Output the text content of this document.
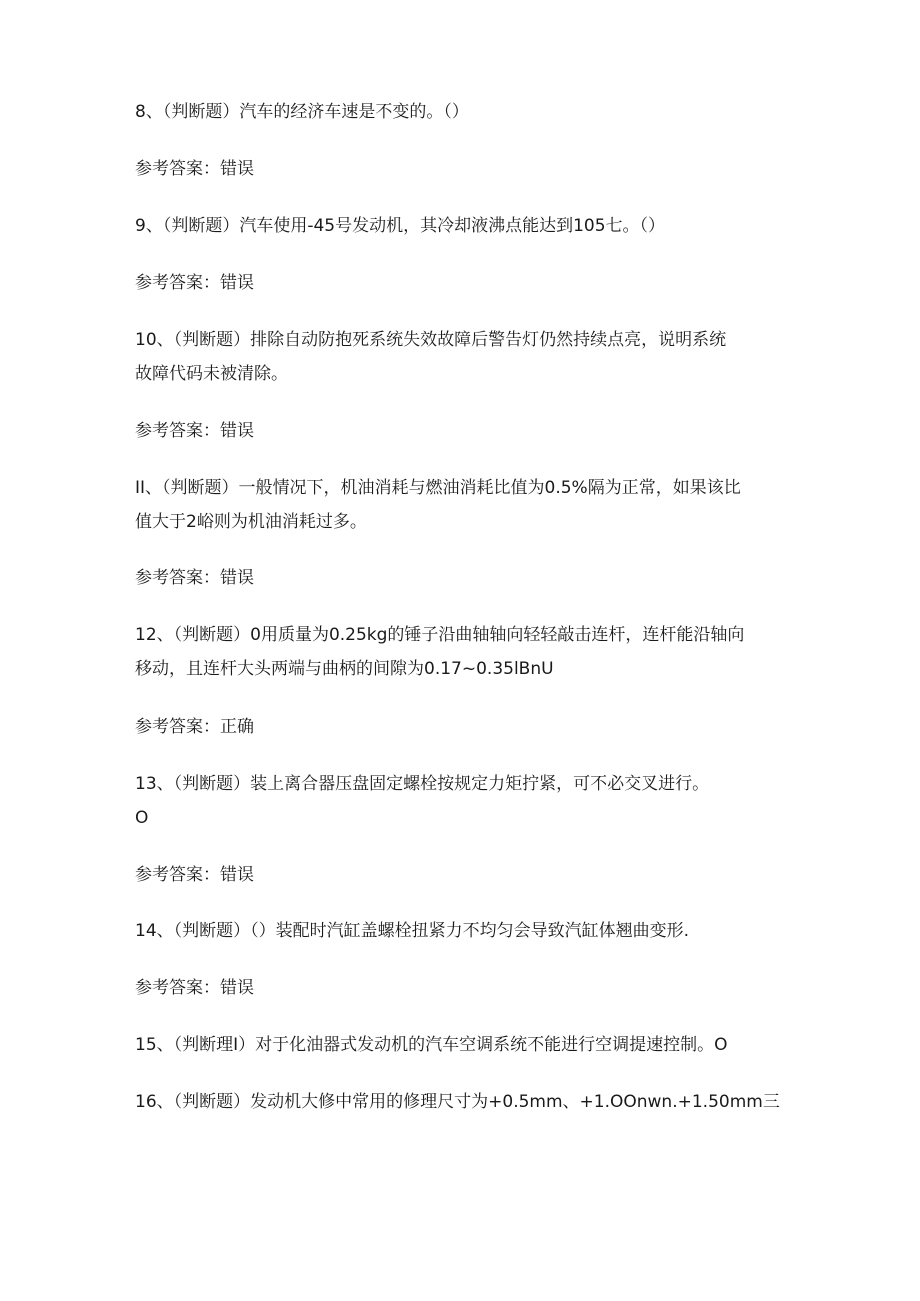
8、（判断题）汽车的经济车速是不变的。（）
参考答案：错误
9、（判断题）汽车使用-45号发动机，其冷却液沸点能达到105七。（）
参考答案：错误
10、（判断题）排除自动防抱死系统失效故障后警告灯仍然持续点亮，说明系统
故障代码未被清除。
参考答案：错误
II、（判断题）一般情况下，机油消耗与燃油消耗比值为0.5%隔为正常，如果该比
值大于2峪则为机油消耗过多。
参考答案：错误
12、（判断题）0用质量为0.25kg的锤子沿曲轴轴向轻轻敲击连杆，连杆能沿轴向
移动，且连杆大头两端与曲柄的间隙为0.17~0.35lBnU
参考答案：正确
13、（判断题）装上离合器压盘固定螺栓按规定力矩拧紧，可不必交叉进行。
O
参考答案：错误
14、（判断题）（）装配时汽缸盖螺栓扭紧力不均匀会导致汽缸体翘曲变形.
参考答案：错误
15、（判断理I）对于化油器式发动机的汽车空调系统不能进行空调提速控制。O
16、（判断题）发动机大修中常用的修理尺寸为+0.5mm、+1.OOnwn.+1.50mm三
